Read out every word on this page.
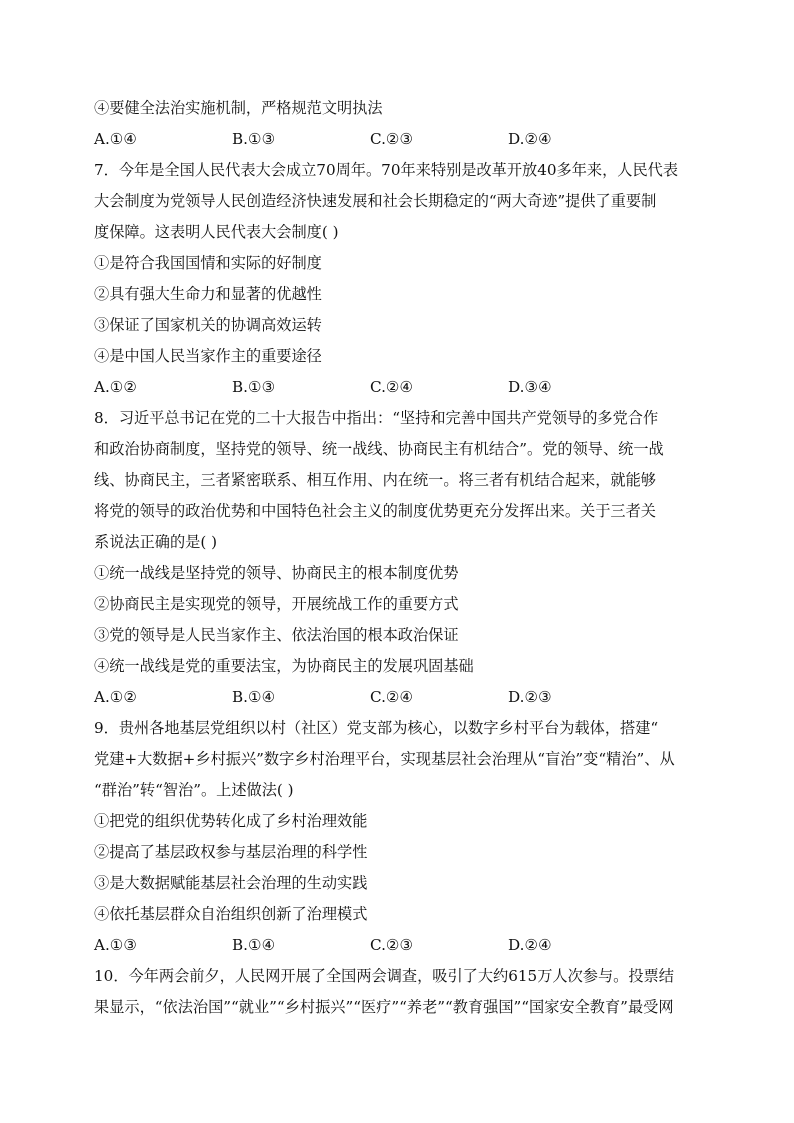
④要健全法治实施机制，严格规范文明执法
A.①④	B.①③	C.②③	D.②④
7．今年是全国人民代表大会成立70周年。70年来特别是改革开放40多年来，人民代表
大会制度为党领导人民创造经济快速发展和社会长期稳定的“两大奇迹”提供了重要制
度保障。这表明人民代表大会制度( )
①是符合我国国情和实际的好制度
②具有强大生命力和显著的优越性
③保证了国家机关的协调高效运转
④是中国人民当家作主的重要途径
A.①②	B.①③	C.②④	D.③④
8．习近平总书记在党的二十大报告中指出：“坚持和完善中国共产党领导的多党合作
和政治协商制度，坚持党的领导、统一战线、协商民主有机结合”。党的领导、统一战
线、协商民主，三者紧密联系、相互作用、内在统一。将三者有机结合起来，就能够
将党的领导的政治优势和中国特色社会主义的制度优势更充分发挥出来。关于三者关
系说法正确的是( )
①统一战线是坚持党的领导、协商民主的根本制度优势
②协商民主是实现党的领导，开展统战工作的重要方式
③党的领导是人民当家作主、依法治国的根本政治保证
④统一战线是党的重要法宝，为协商民主的发展巩固基础
A.①②	B.①④	C.②④	D.②③
9．贵州各地基层党组织以村（社区）党支部为核心，以数字乡村平台为载体，搭建“
党建+大数据+乡村振兴”数字乡村治理平台，实现基层社会治理从“盲治”变“精治”、从
“群治”转“智治”。上述做法( )
①把党的组织优势转化成了乡村治理效能
②提高了基层政权参与基层治理的科学性
③是大数据赋能基层社会治理的生动实践
④依托基层群众自治组织创新了治理模式
A.①③	B.①④	C.②③	D.②④
10．今年两会前夕，人民网开展了全国两会调查，吸引了大约615万人次参与。投票结
果显示，“依法治国”“就业”“乡村振兴”“医疗”“养老”“教育强国”“国家安全教育”最受网
